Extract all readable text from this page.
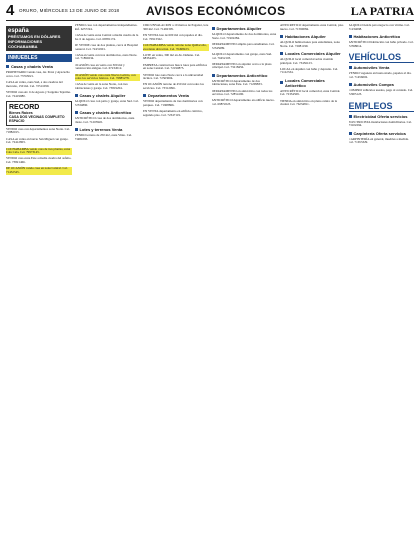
4 ORURO, MIÉRCOLES 13 DE JUNIO DE 2018 AVISOS ECONÓMICOS	LA PATRIA
españa
PRÉSTAMOS EN DÓLARES
INFORMACIONES COCHABAMBA
INMUEBLES
Casas y chalets Venta
PROPIETARIO vende casa, Av. Petot y Ayacucho cerca. Cel. 73763021.
CASA en venta, zona Sud, a dos cuadras del mercado, 150 m2. Cel. 72511099.
VENDO casa Av. 6 de Agosto y Sargento Tejerina. Cel. 72419980.
RECORD
Bienes Raíces
CASA DOS VECINAS COMPLETO ESPACIO
VENDO casa con departamentos zona Norte. Cel. 71882015.
CASA en venta en barrio San Miguel con garaje. Cel. 72412803.
COCHABAMBA vendo casa de tres plantas, zona Cala Cala. Cel. 79973145.
VENDO casa zona Este a media cuadra del asfalto. Cel. 73821466.
DE OCASIÓN vendo casa en zona Central. Cel. 71452545.
VENDO casa con departamentos independientes. Ref. 6257194.
CASA de venta zona Central a media cuadra de la Av. 6 de Agosto. Cel. 69581174.
SE VENDE casa de dos plantas, cerca al Hospital General. Cel. 72431901.
CASA en venta con tres dormitorios, zona Norte. Cel. 71890234.
OCASIÓN casa en venta con 300 m2 y construcción antigua. Cel. 67234512.
OCASIÓN vendo casa zona Nueva Galicia, con todos los servicios básicos. Cel. 76885278.
CASA de venta en la zona Norte, con tres habitaciones y garaje. Cel. 73819204.
Casas y chalets Alquiler
ALQUILO casa con patio y garaje, zona Sud. Cel. 72534890.
Casas y chalets Anticrético
ANTICRÉTICO casa de dos dormitorios, zona Oeste. Cel. 71203945.
Lotes y terrenos Venta
VENDO terreno de 250 m2, zona Vinto. Cel. 73481093.
CIRCUNVALACIÓN a 10 metros de Pagador, lote 300 m2. Cel. 71492305.
EN VENTA lote de 600 m2 con papeles al día. Cel. 70913322.
COCHABAMBA vendo terreno zona Quillacollo, excelente ubicación. Cel. 76498223.
LOTE en venta, 300 m2 en Av. Dehene. Cel. 68334455.
EMPRESA constructora busca lotes para edificios en zona Central. Cel. 72190875.
VENDO lote zona Norte cerca a la universidad técnica. Cel. 72563004.
EN OCASIÓN terreno de 450 m2 con todos los servicios. Cel. 73312096.
Departamentos Venta
VENDO departamento de tres dormitorios con parqueo. Cel. 71908866.
EN VENTA departamento en edificio céntrico, segundo piso. Cel. 72347119.
Departamentos Alquiler
ALQUILO departamento de dos dormitorios, zona Norte. Cel. 71902284.
DEPARTAMENTO amplio para estudiantes. Cel. 72345689.
ALQUILO departamento con garaje, zona Sud. Cel. 76452103.
DEPARTAMENTO en alquiler cerca a la plaza principal. Cel. 73218456.
Departamentos Anticrético
ANTICRÉTICO departamento de dos habitaciones, zona Este. Cel. 71209833.
DEPARTAMENTO en anticrético con todos los servicios. Cel. 72854190.
ANTICRÉTICO departamento en edificio nuevo. Cel. 69874523.
ANTICRÉTICO departamento zona Central, piso nuevo. Cel. 71590084.
Habitaciones Alquiler
ALQUILO habitaciones para estudiantes, zona Norte. Cel. 72081199.
Locales Comerciales Alquiler
ALQUILO local comercial sobre avenida principal. Cel. 73456123.
LOCAL en alquiler con baño y depósito. Cel. 71122334.
Locales Comerciales Anticrético
ANTICRÉTICO local comercial, zona Central. Cel. 72334509.
TIENDA en anticrético en pleno centro de la ciudad. Cel. 76234811.
ALQUILO tienda para negocio con vitrina. Cel. 71234098.
Habitaciones Anticrético
ANTICRÉTICO habitación con baño privado. Cel. 72398014.
VEHÍCULOS
Automóviles Venta
VENDO vagoneta en buen estado, papeles al día. Cel. 71456002.
Automóviles Compra
COMPRO vehículos usados, pago al contado. Cel. 72905123.
EMPLEOS
Electricidad Oferta servicios
ELECTRICISTA instalaciones domiciliarias. Cel. 73102294.
Carpintería Oferta servicios
CARPINTERÍA en general, muebles a medida. Cel. 71653329.
